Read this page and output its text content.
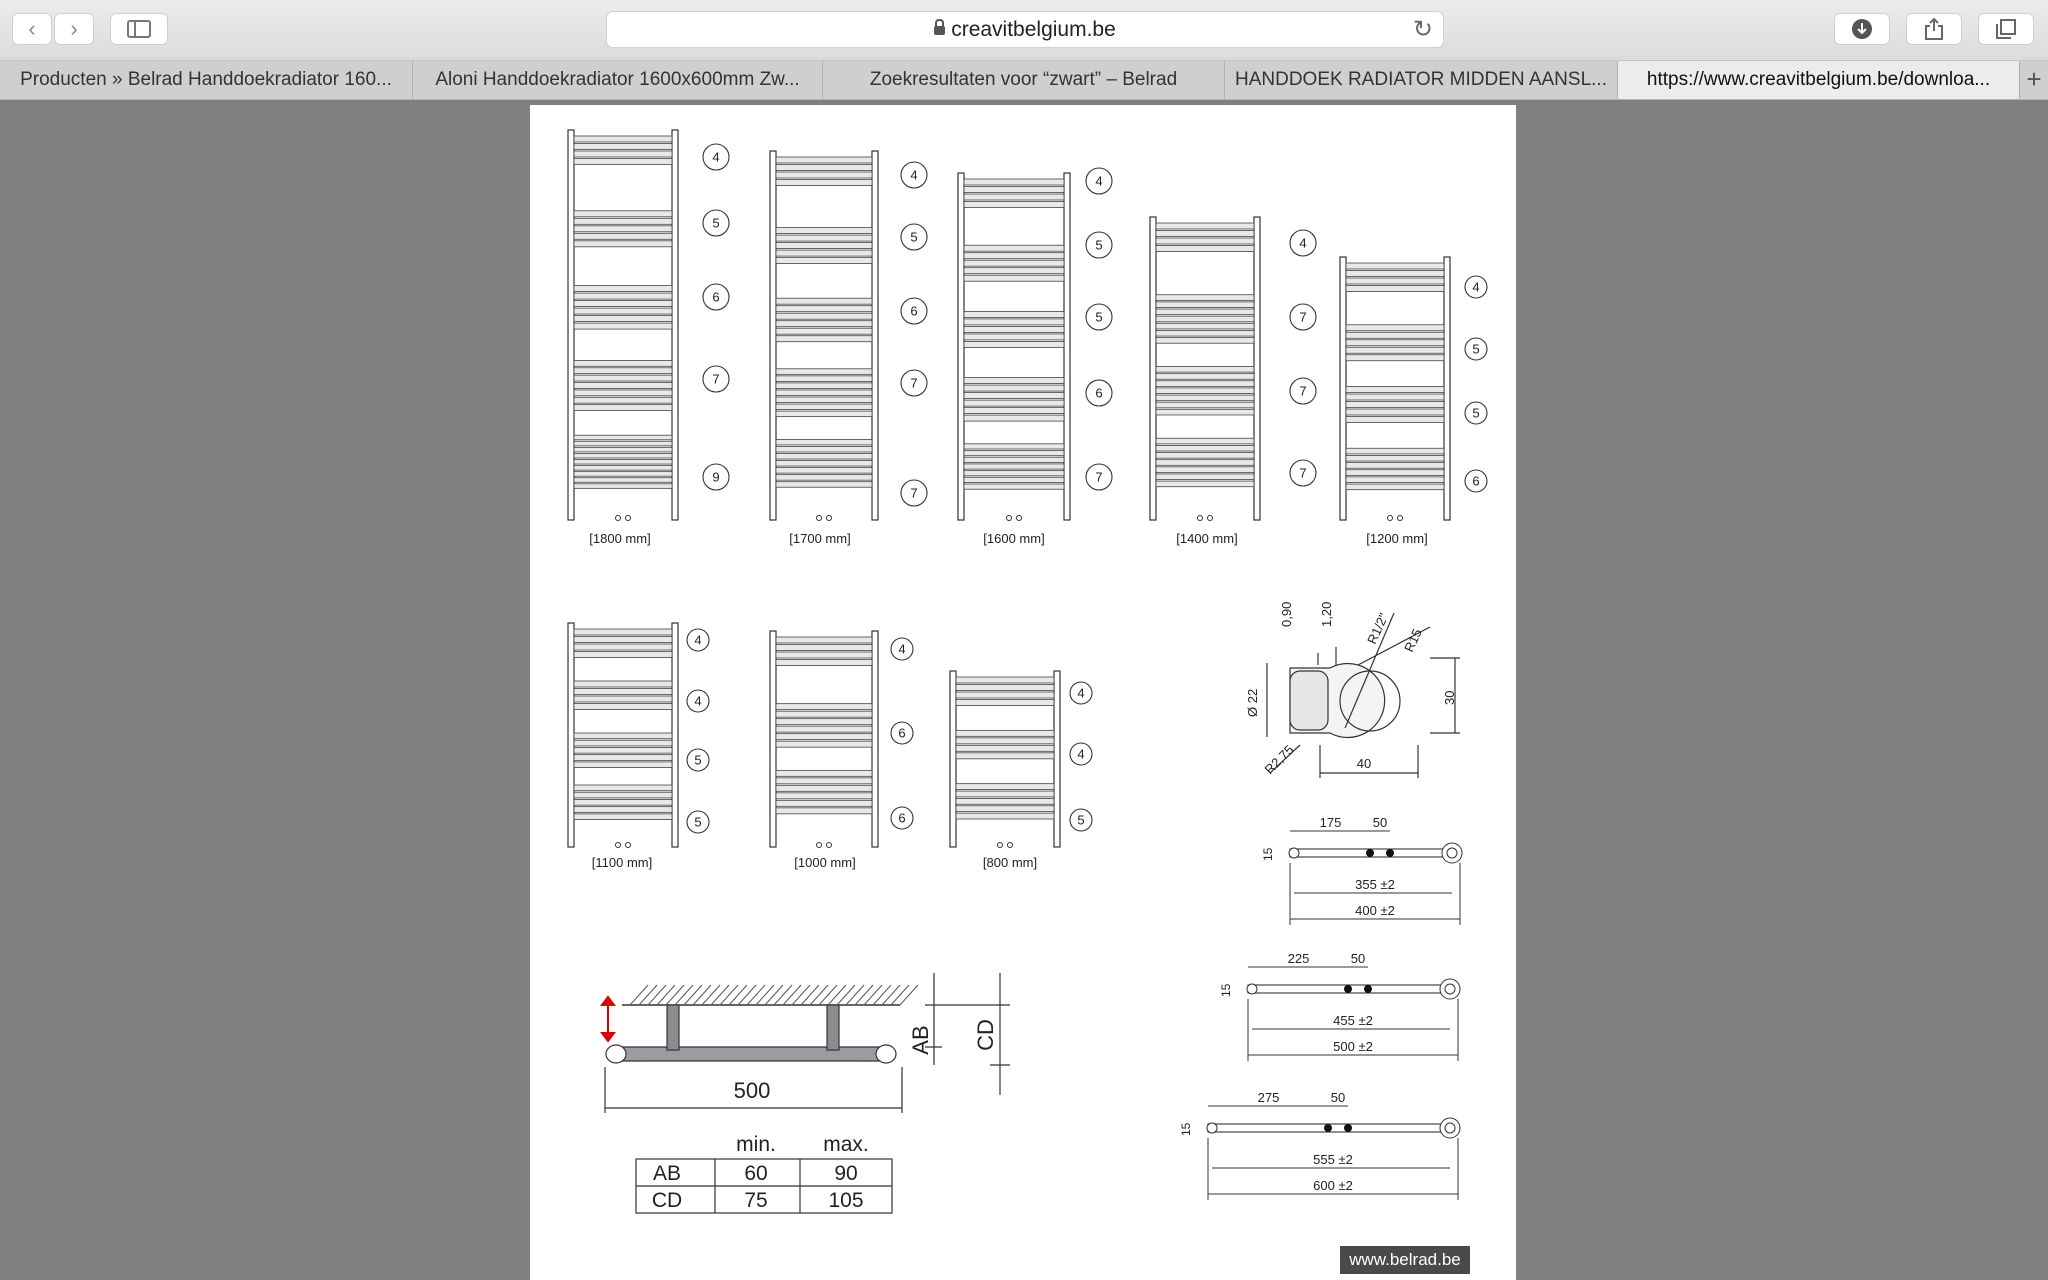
‹	›	creavitbelgium.be	↻
Producten » Belrad Handdoekradiator 160...	Aloni Handdoekradiator 1600x600mm Zw...	Zoekresultaten voor “zwart” – Belrad	HANDDOEK RADIATOR MIDDEN AANSL...	https://www.creavitbelgium.be/downloa...	+
4
5
6
7
9
[1800 mm]
4
5
6
7
7
[1700 mm]
4
5
5
6
7
[1600 mm]
4
7
7
7
[1400 mm]
4
5
5
6
[1200 mm]
4
4
5
5
[1100 mm]
4
6
6
[1000 mm]
4
4
5
[800 mm]
0,90 1,20 R1/2" R15
Ø 22
R2,75
30
40
175 50
15
355 ±2
400 ±2
225	50
15
455 ±2
500 ±2
275	50
15
555 ±2
600 ±2
500
AB CD
min. max.
AB	60	90
CD	75	105
www.belrad.be
